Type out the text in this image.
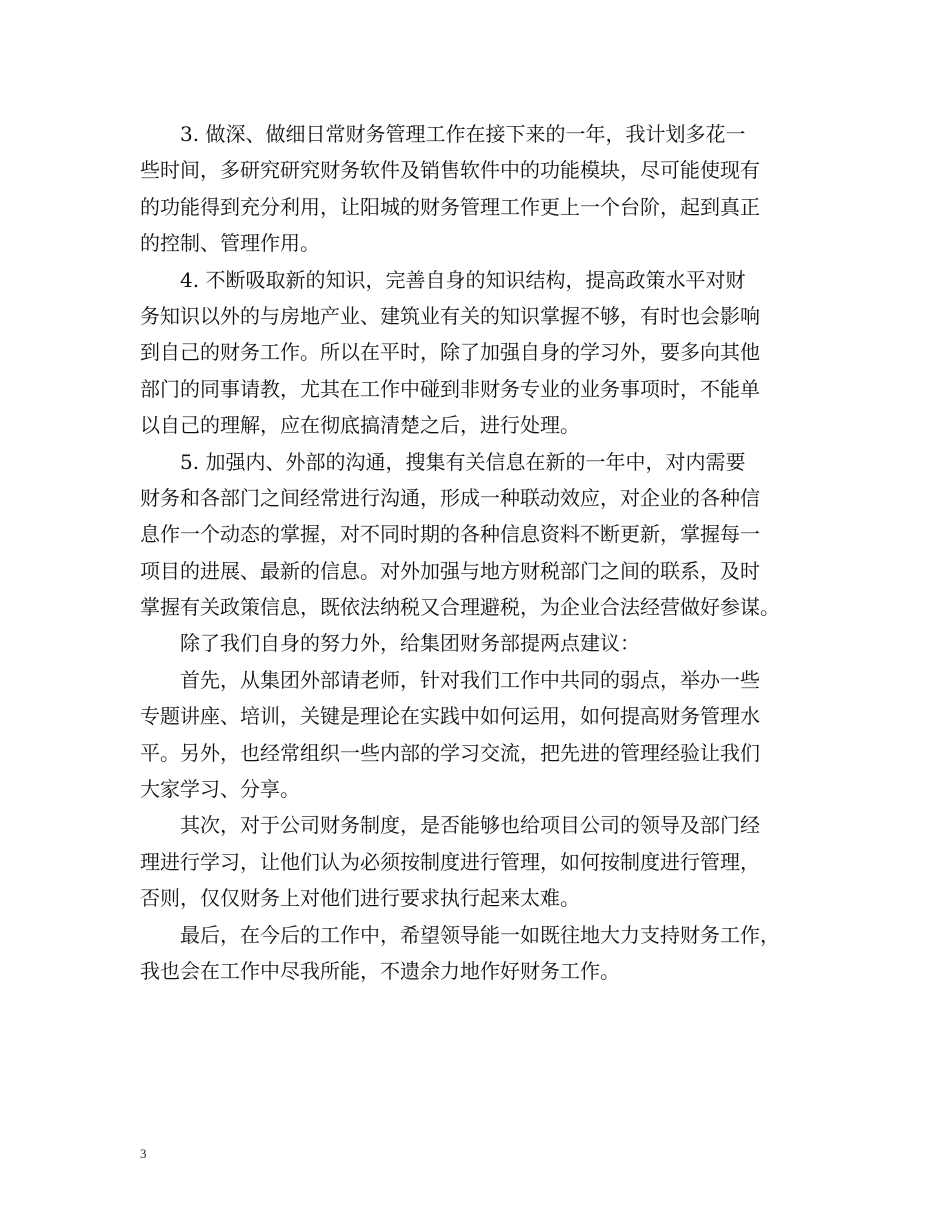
3. 做深、做细日常财务管理工作在接下来的一年，我计划多花一
些时间，多研究研究财务软件及销售软件中的功能模块，尽可能使现有
的功能得到充分利用，让阳城的财务管理工作更上一个台阶，起到真正
的控制、管理作用。
4. 不断吸取新的知识，完善自身的知识结构，提高政策水平对财
务知识以外的与房地产业、建筑业有关的知识掌握不够，有时也会影响
到自己的财务工作。所以在平时，除了加强自身的学习外，要多向其他
部门的同事请教，尤其在工作中碰到非财务专业的业务事项时，不能单
以自己的理解，应在彻底搞清楚之后，进行处理。
5. 加强内、外部的沟通，搜集有关信息在新的一年中，对内需要
财务和各部门之间经常进行沟通，形成一种联动效应，对企业的各种信
息作一个动态的掌握，对不同时期的各种信息资料不断更新，掌握每一
项目的进展、最新的信息。对外加强与地方财税部门之间的联系，及时
掌握有关政策信息，既依法纳税又合理避税，为企业合法经营做好参谋。
除了我们自身的努力外，给集团财务部提两点建议：
首先，从集团外部请老师，针对我们工作中共同的弱点，举办一些
专题讲座、培训，关键是理论在实践中如何运用，如何提高财务管理水
平。另外，也经常组织一些内部的学习交流，把先进的管理经验让我们
大家学习、分享。
其次，对于公司财务制度，是否能够也给项目公司的领导及部门经
理进行学习，让他们认为必须按制度进行管理，如何按制度进行管理，
否则，仅仅财务上对他们进行要求执行起来太难。
最后，在今后的工作中，希望领导能一如既往地大力支持财务工作，
我也会在工作中尽我所能，不遗余力地作好财务工作。
3
